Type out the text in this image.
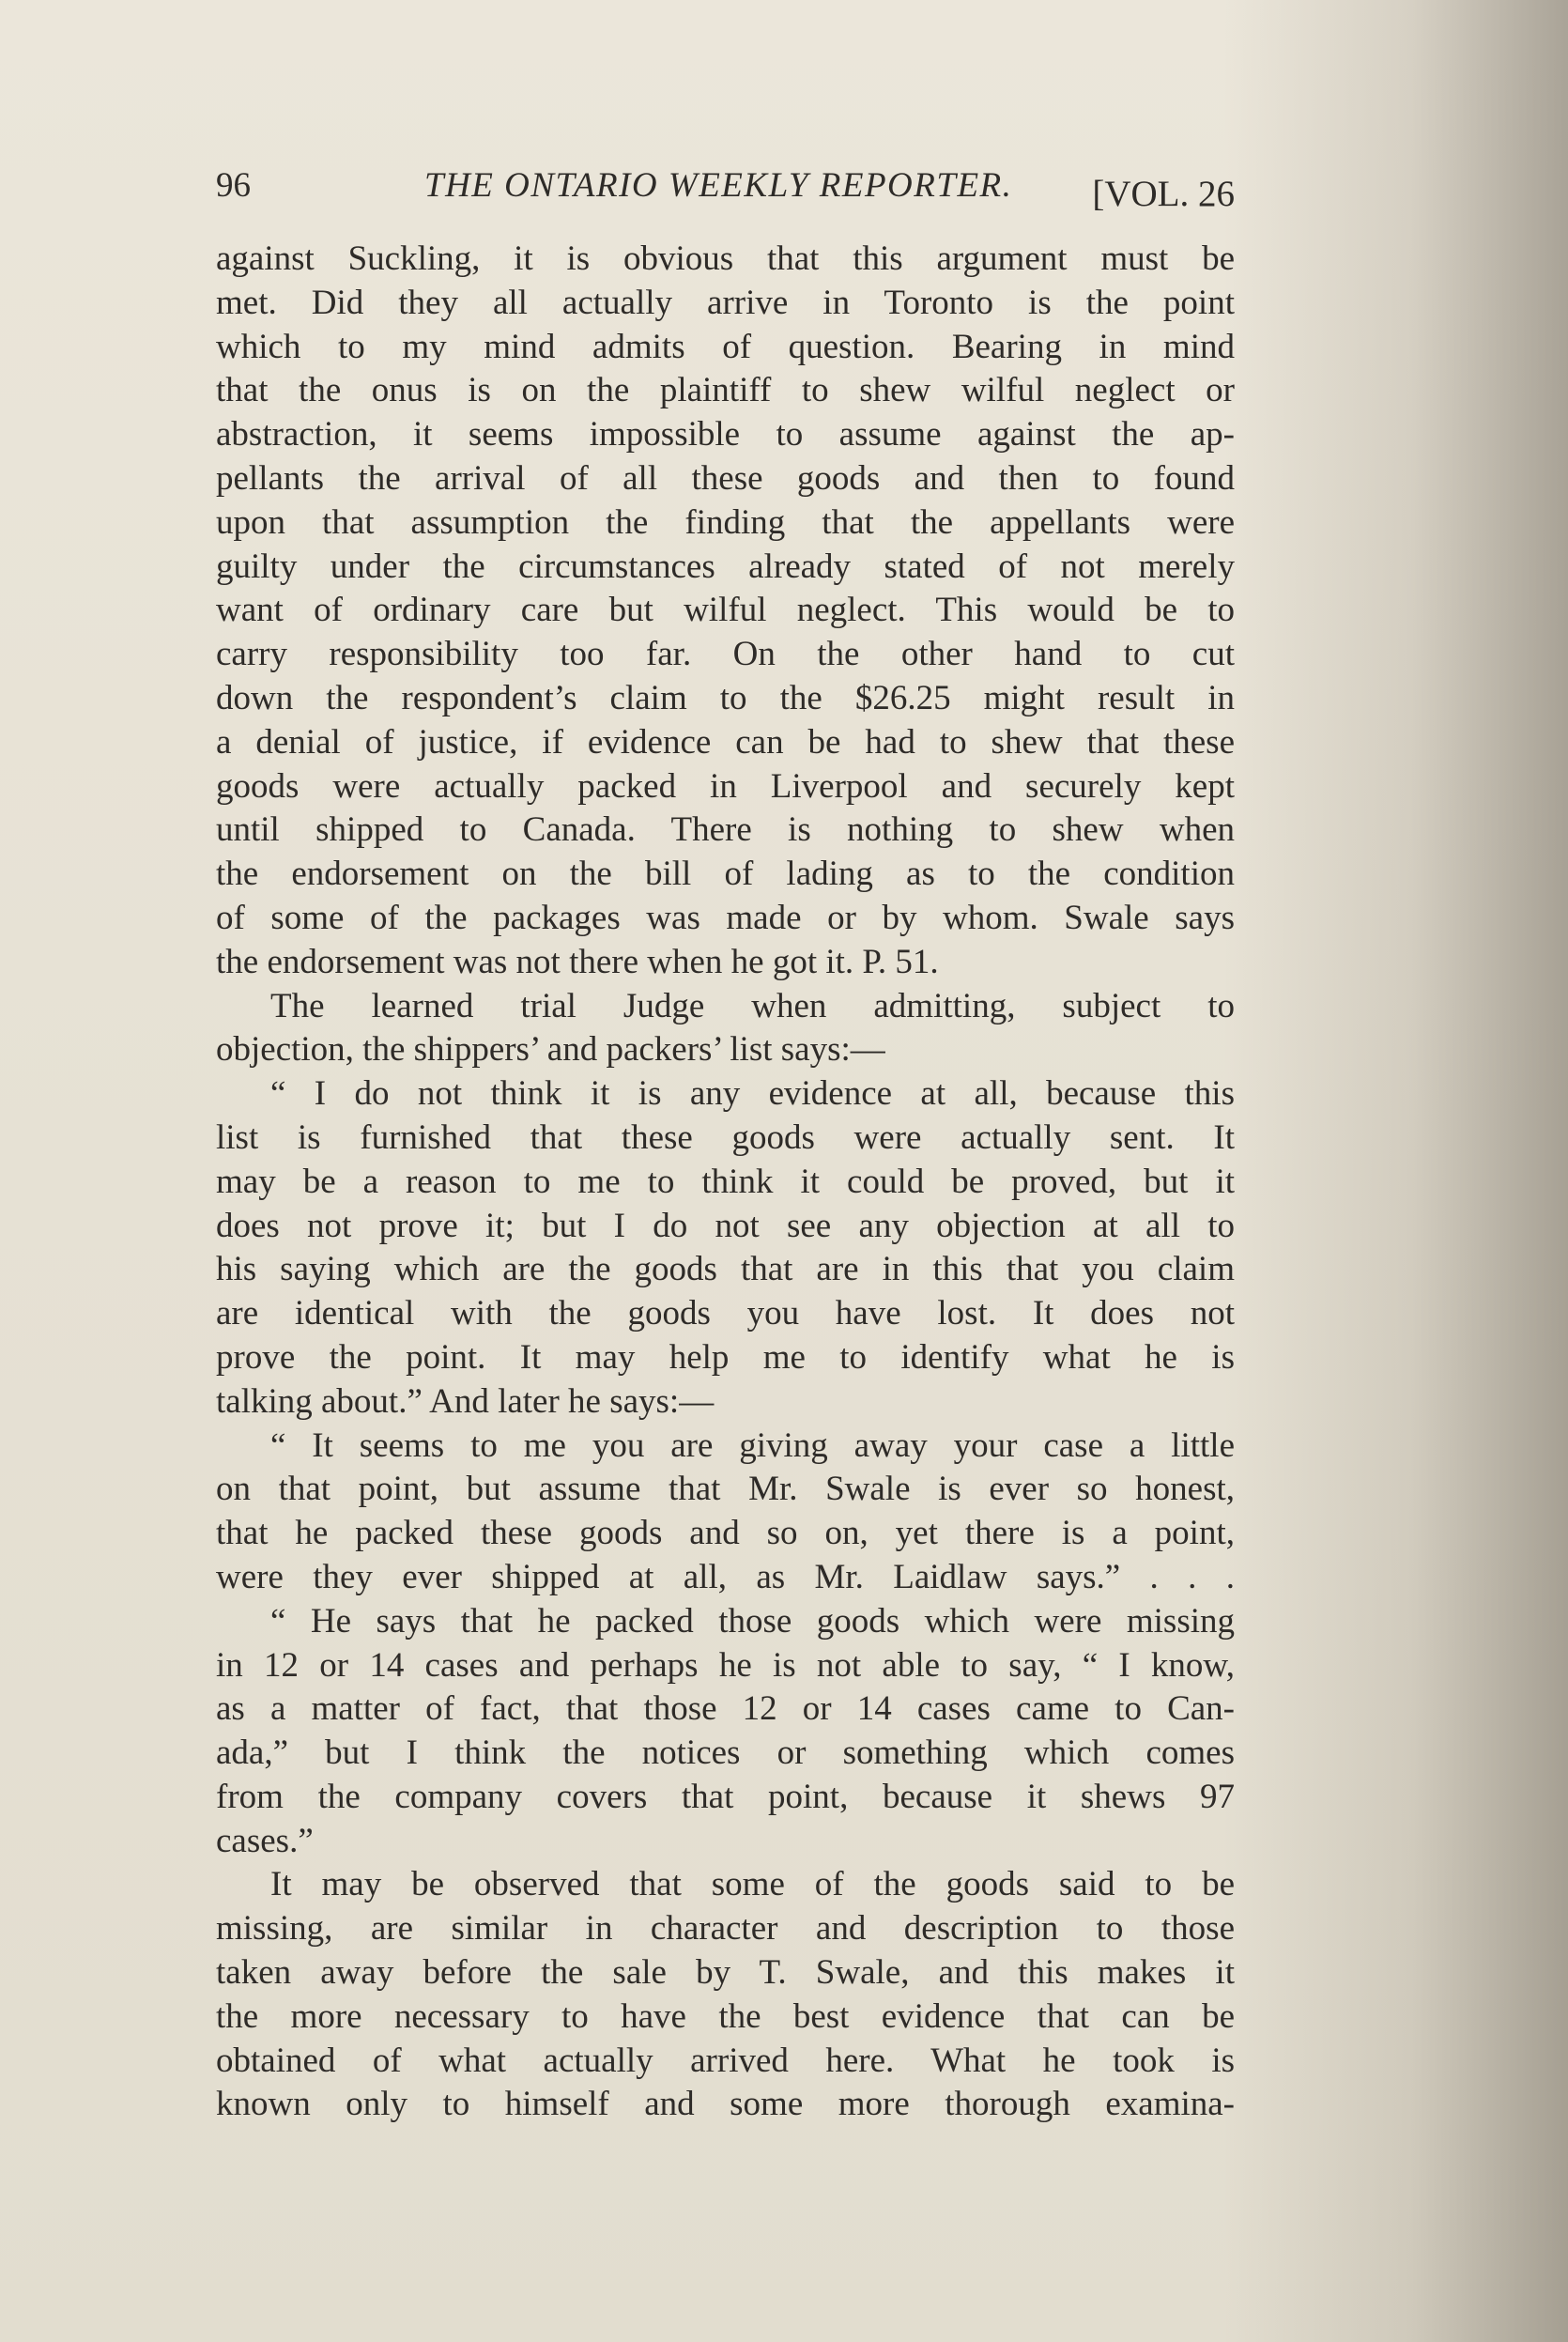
96	THE ONTARIO WEEKLY REPORTER. [VOL. 26
against Suckling, it is obvious that this argument must be
met. Did they all actually arrive in Toronto is the point
which to my mind admits of question. Bearing in mind
that the onus is on the plaintiff to shew wilful neglect or
abstraction, it seems impossible to assume against the ap-
pellants the arrival of all these goods and then to found
upon that assumption the finding that the appellants were
guilty under the circumstances already stated of not merely
want of ordinary care but wilful neglect. This would be to
carry responsibility too far. On the other hand to cut
down the respondent’s claim to the $26.25 might result in
a denial of justice, if evidence can be had to shew that these
goods were actually packed in Liverpool and securely kept
until shipped to Canada. There is nothing to shew when
the endorsement on the bill of lading as to the condition
of some of the packages was made or by whom. Swale says
the endorsement was not there when he got it. P. 51.
The learned trial Judge when admitting, subject to
objection, the shippers’ and packers’ list says:—
“ I do not think it is any evidence at all, because this
list is furnished that these goods were actually sent. It
may be a reason to me to think it could be proved, but it
does not prove it; but I do not see any objection at all to
his saying which are the goods that are in this that you claim
are identical with the goods you have lost. It does not
prove the point. It may help me to identify what he is
talking about.” And later he says:—
“ It seems to me you are giving away your case a little
on that point, but assume that Mr. Swale is ever so honest,
that he packed these goods and so on, yet there is a point,
were they ever shipped at all, as Mr. Laidlaw says.” . . .
“ He says that he packed those goods which were missing
in 12 or 14 cases and perhaps he is not able to say, “ I know,
as a matter of fact, that those 12 or 14 cases came to Can-
ada,” but I think the notices or something which comes
from the company covers that point, because it shews 97
cases.”
It may be observed that some of the goods said to be
missing, are similar in character and description to those
taken away before the sale by T. Swale, and this makes it
the more necessary to have the best evidence that can be
obtained of what actually arrived here. What he took is
known only to himself and some more thorough examina-
